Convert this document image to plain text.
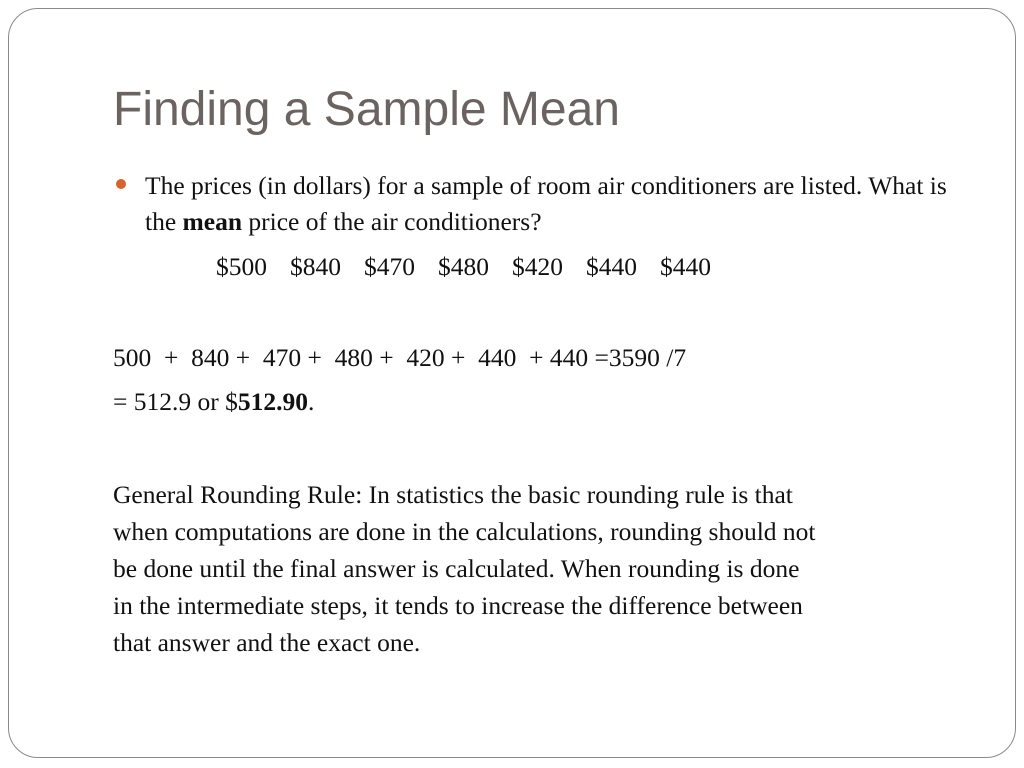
Finding a Sample Mean
The prices (in dollars) for a sample of room air conditioners are listed. What is the mean price of the air conditioners?
$500 $840 $470 $480 $420 $440 $440
500  +  840 +  470 +  480 +  420 +  440  + 440 =3590 /7
= 512.9 or $512.90.
General Rounding Rule: In statistics the basic rounding rule is that
when computations are done in the calculations, rounding should not
be done until the final answer is calculated. When rounding is done
in the intermediate steps, it tends to increase the difference between
that answer and the exact one.
